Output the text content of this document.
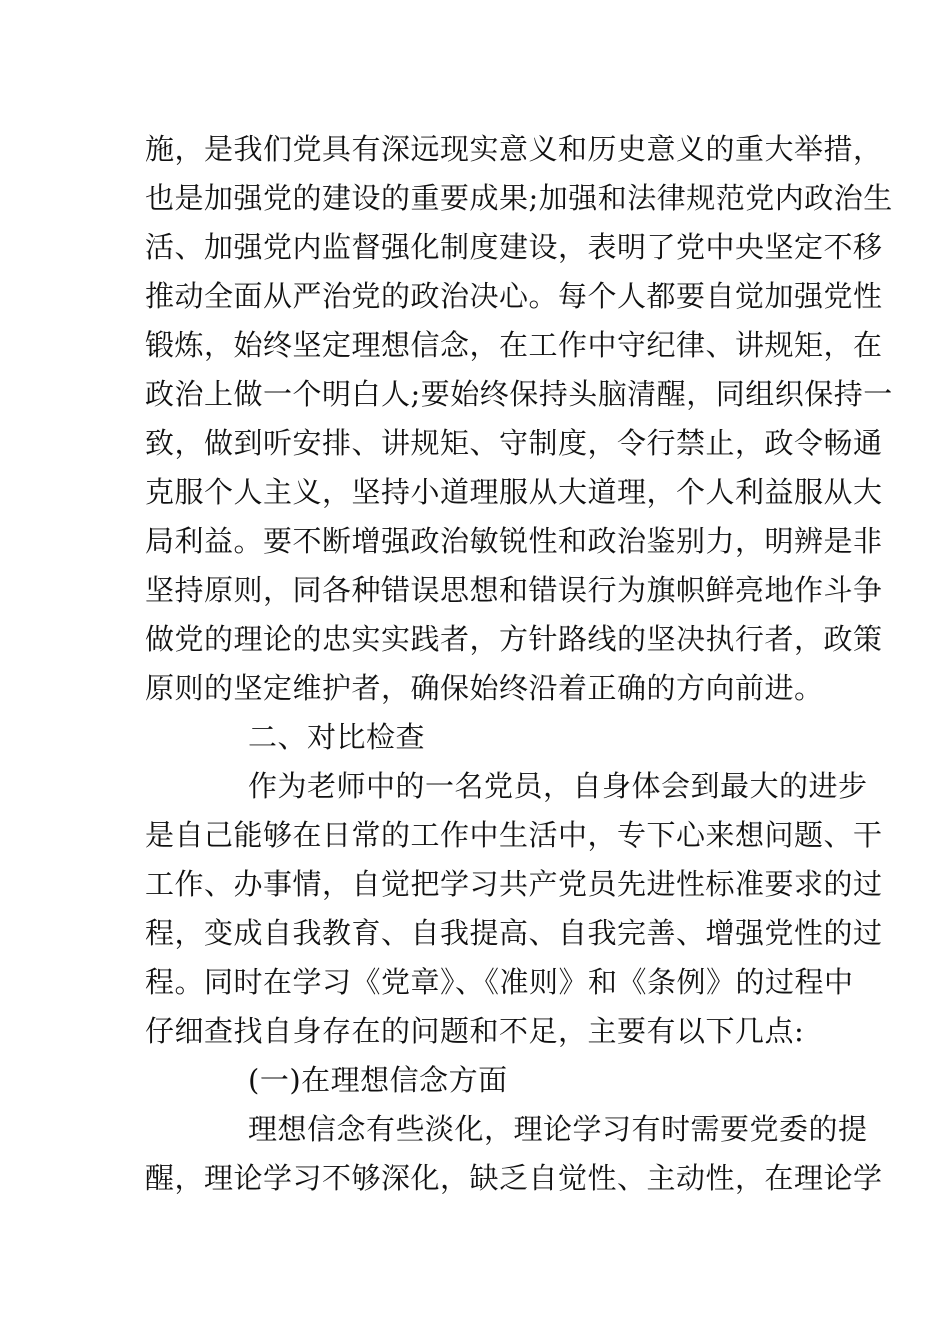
施，是我们党具有深远现实意义和历史意义的重大举措，
也是加强党的建设的重要成果;加强和法律规范党内政治生
活、加强党内监督强化制度建设，表明了党中央坚定不移
推动全面从严治党的政治决心。每个人都要自觉加强党性
锻炼，始终坚定理想信念，在工作中守纪律、讲规矩，在
政治上做一个明白人;要始终保持头脑清醒，同组织保持一
致，做到听安排、讲规矩、守制度，令行禁止，政令畅通
克服个人主义，坚持小道理服从大道理，个人利益服从大
局利益。要不断增强政治敏锐性和政治鉴别力，明辨是非
坚持原则，同各种错误思想和错误行为旗帜鲜亮地作斗争
做党的理论的忠实实践者，方针路线的坚决执行者，政策
原则的坚定维护者，确保始终沿着正确的方向前进。
二、对比检查
作为老师中的一名党员，自身体会到最大的进步
是自己能够在日常的工作中生活中，专下心来想问题、干
工作、办事情，自觉把学习共产党员先进性标准要求的过
程，变成自我教育、自我提高、自我完善、增强党性的过
程。同时在学习《党章》、《准则》和《条例》的过程中
仔细查找自身存在的问题和不足，主要有以下几点:
(一)在理想信念方面
理想信念有些淡化，理论学习有时需要党委的提
醒，理论学习不够深化，缺乏自觉性、主动性，在理论学
